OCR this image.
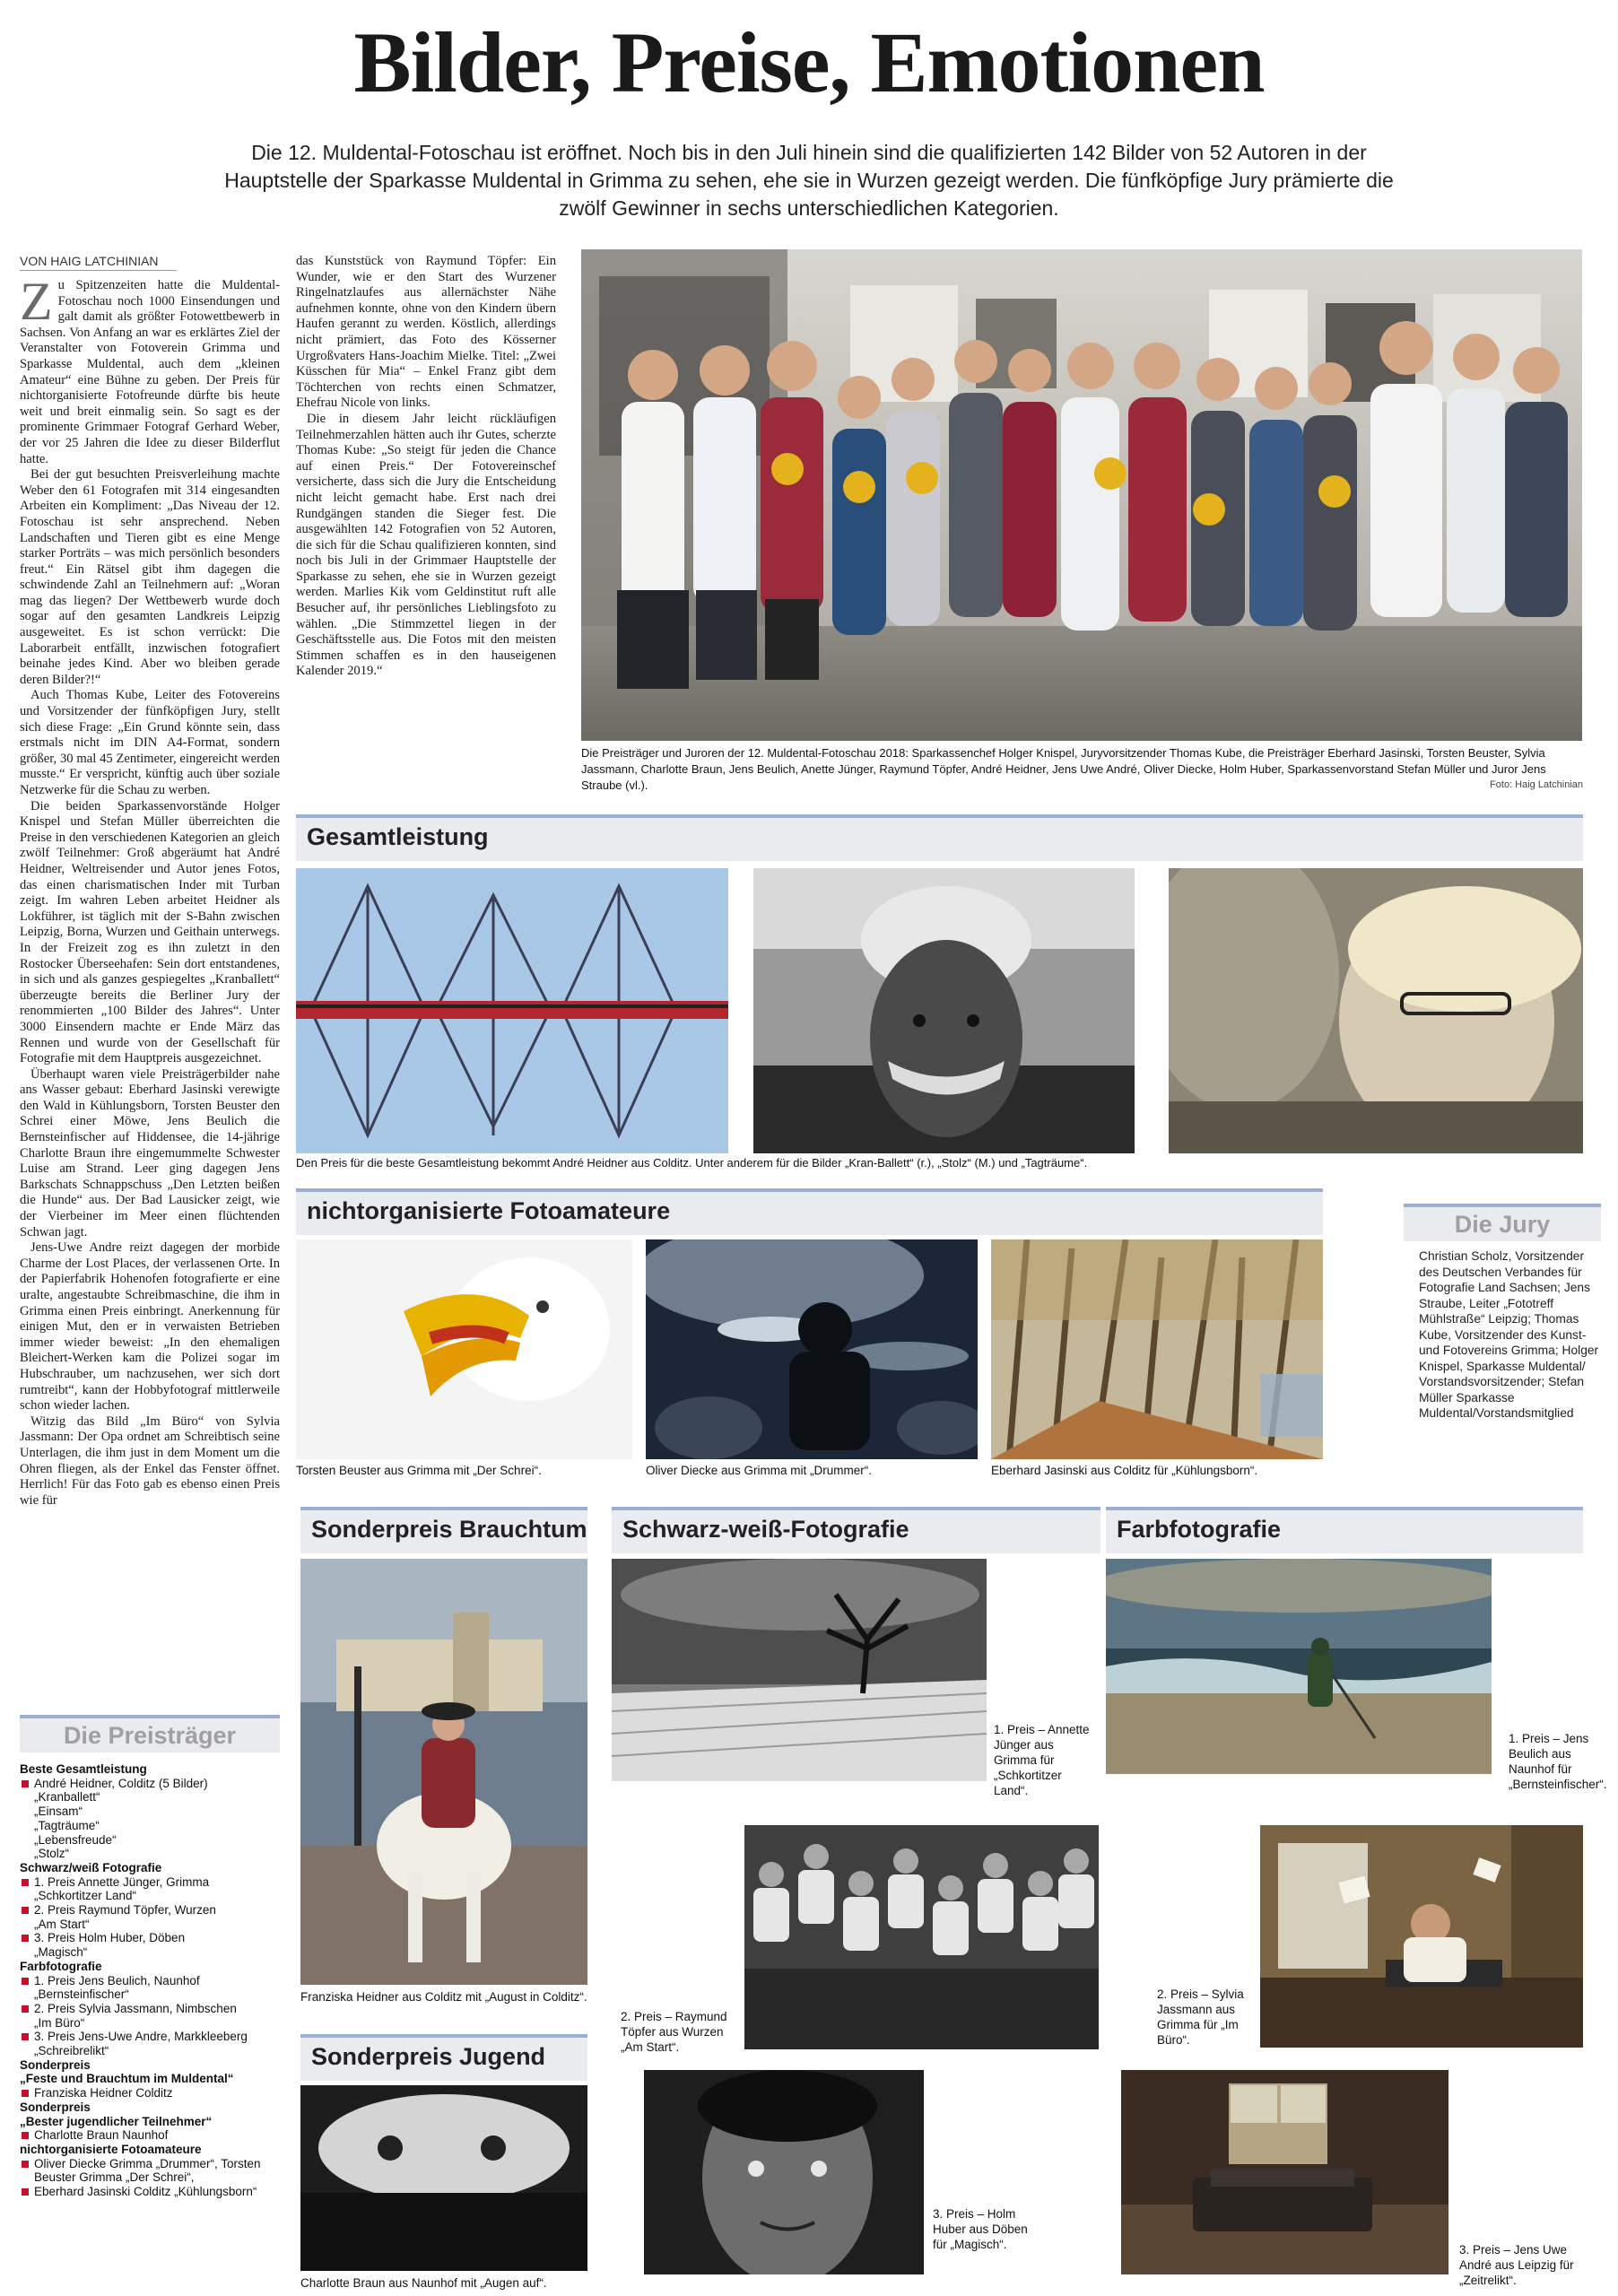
Bilder, Preise, Emotionen

Die 12. Muldental-Fotoschau ist eröffnet. Noch bis in den Juli hinein sind die qualifizierten 142 Bilder von 52 Autoren in der Hauptstelle der Sparkasse Muldental in Grimma zu sehen, ehe sie in Wurzen gezeigt werden. Die fünfköpfige Jury prämierte die zwölf Gewinner in sechs unterschiedlichen Kategorien.

VON HAIG LATCHINIAN

Zu Spitzenzeiten hatte die Muldental-Fotoschau noch 1000 Einsendungen und galt damit als größter Fotowettbewerb in Sachsen. Von Anfang an war es erklärtes Ziel der Veranstalter von Fotoverein Grimma und Sparkasse Muldental, auch dem „kleinen Amateur“ eine Bühne zu geben. Der Preis für nichtorganisierte Fotofreunde dürfte bis heute weit und breit einmalig sein. So sagt es der prominente Grimmaer Fotograf Gerhard Weber, der vor 25 Jahren die Idee zu dieser Bilderflut hatte.

Bei der gut besuchten Preisverleihung machte Weber den 61 Fotografen mit 314 eingesandten Arbeiten ein Kompliment: „Das Niveau der 12. Fotoschau ist sehr ansprechend. Neben Landschaften und Tieren gibt es eine Menge starker Porträts – was mich persönlich besonders freut.“ Ein Rätsel gibt ihm dagegen die schwindende Zahl an Teilnehmern auf: „Woran mag das liegen? Der Wettbewerb wurde doch sogar auf den gesamten Landkreis Leipzig ausgeweitet. Es ist schon verrückt: Die Laborarbeit entfällt, inzwischen fotografiert beinahe jedes Kind. Aber wo bleiben gerade deren Bilder?!“

Auch Thomas Kube, Leiter des Fotovereins und Vorsitzender der fünfköpfigen Jury, stellt sich diese Frage: „Ein Grund könnte sein, dass erstmals nicht im DIN A4-Format, sondern größer, 30 mal 45 Zentimeter, eingereicht werden musste.“ Er verspricht, künftig auch über soziale Netzwerke für die Schau zu werben.

Die beiden Sparkassenvorstände Holger Knispel und Stefan Müller überreichten die Preise in den verschiedenen Kategorien an gleich zwölf Teilnehmer: Groß abgeräumt hat André Heidner, Weltreisender und Autor jenes Fotos, das einen charismatischen Inder mit Turban zeigt. Im wahren Leben arbeitet Heidner als Lokführer, ist täglich mit der S-Bahn zwischen Leipzig, Borna, Wurzen und Geithain unterwegs. In der Freizeit zog es ihn zuletzt in den Rostocker Überseehafen: Sein dort entstandenes, in sich und als ganzes gespiegeltes „Kranballett“ überzeugte bereits die Berliner Jury der renommierten „100 Bilder des Jahres“. Unter 3000 Einsendern machte er Ende März das Rennen und wurde von der Gesellschaft für Fotografie mit dem Hauptpreis ausgezeichnet.

Überhaupt waren viele Preisträgerbilder nahe ans Wasser gebaut: Eberhard Jasinski verewigte den Wald in Kühlungsborn, Torsten Beuster den Schrei einer Möwe, Jens Beulich die Bernsteinfischer auf Hiddensee, die 14-jährige Charlotte Braun ihre eingemummelte Schwester Luise am Strand. Leer ging dagegen Jens Barkschats Schnappschuss „Den Letzten beißen die Hunde“ aus. Der Bad Lausicker zeigt, wie der Vierbeiner im Meer einen flüchtenden Schwan jagt.

Jens-Uwe Andre reizt dagegen der morbide Charme der Lost Places, der verlassenen Orte. In der Papierfabrik Hohenofen fotografierte er eine uralte, angestaubte Schreibmaschine, die ihm in Grimma einen Preis einbringt. Anerkennung für einigen Mut, den er in verwaisten Betrieben immer wieder beweist: „In den ehemaligen Bleichert-Werken kam die Polizei sogar im Hubschrauber, um nachzusehen, wer sich dort rumtreibt“, kann der Hobbyfotograf mittlerweile schon wieder lachen.

Witzig das Bild „Im Büro“ von Sylvia Jassmann: Der Opa ordnet am Schreibtisch seine Unterlagen, die ihm just in dem Moment um die Ohren fliegen, als der Enkel das Fenster öffnet. Herrlich! Für das Foto gab es ebenso einen Preis wie für

das Kunststück von Raymund Töpfer: Ein Wunder, wie er den Start des Wurzener Ringelnatzlaufes aus allernächster Nähe aufnehmen konnte, ohne von den Kindern übern Haufen gerannt zu werden. Köstlich, allerdings nicht prämiert, das Foto des Kösserner Urgroßvaters Hans-Joachim Mielke. Titel: „Zwei Küsschen für Mia“ – Enkel Franz gibt dem Töchterchen von rechts einen Schmatzer, Ehefrau Nicole von links.

Die in diesem Jahr leicht rückläufigen Teilnehmerzahlen hätten auch ihr Gutes, scherzte Thomas Kube: „So steigt für jeden die Chance auf einen Preis.“ Der Fotovereinschef versicherte, dass sich die Jury die Entscheidung nicht leicht gemacht habe. Erst nach drei Rundgängen standen die Sieger fest. Die ausgewählten 142 Fotografien von 52 Autoren, die sich für die Schau qualifizieren konnten, sind noch bis Juli in der Grimmaer Hauptstelle der Sparkasse zu sehen, ehe sie in Wurzen gezeigt werden. Marlies Kik vom Geldinstitut ruft alle Besucher auf, ihr persönliches Lieblingsfoto zu wählen. „Die Stimmzettel liegen in der Geschäftsstelle aus. Die Fotos mit den meisten Stimmen schaffen es in den hauseigenen Kalender 2019.“

Die Preisträger und Juroren der 12. Muldental-Fotoschau 2018: Sparkassenchef Holger Knispel, Juryvorsitzender Thomas Kube, die Preisträger Eberhard Jasinski, Torsten Beuster, Sylvia Jassmann, Charlotte Braun, Jens Beulich, Anette Jünger, Raymund Töpfer, André Heidner, Jens Uwe André, Oliver Diecke, Holm Huber, Sparkassenvorstand Stefan Müller und Juror Jens Straube (vl.).	Foto: Haig Latchinian
Gesamtleistung
Den Preis für die beste Gesamtleistung bekommt André Heidner aus Colditz. Unter anderem für die Bilder „Kran-Ballett“ (r.), „Stolz“ (M.) und „Tagträume“.
nichtorganisierte Fotoamateure
Torsten Beuster aus Grimma mit „Der Schrei“.	Oliver Diecke aus Grimma mit „Drummer“.	Eberhard Jasinski aus Colditz für „Kühlungsborn“.
Die Jury
Christian Scholz, Vorsitzender des Deutschen Verbandes für Fotografie Land Sachsen; Jens Straube, Leiter „Fototreff Mühlstraße“ Leipzig; Thomas Kube, Vorsitzender des Kunst- und Fotovereins Grimma; Holger Knispel, Sparkasse Muldental/ Vorstandsvorsitzender; Stefan Müller Sparkasse Muldental/Vorstandsmitglied
Sonderpreis Brauchtum
Franziska Heidner aus Colditz mit „August in Colditz“.
Sonderpreis Jugend
Charlotte Braun aus Naunhof mit „Augen auf“.
Schwarz-weiß-Fotografie
1. Preis – Annette Jünger aus Grimma für „Schkortitzer Land“.
2. Preis – Raymund Töpfer aus Wurzen „Am Start“.
3. Preis – Holm Huber aus Döben für „Magisch“.
Farbfotografie
1. Preis – Jens Beulich aus Naunhof für „Bernsteinfischer“.
2. Preis – Sylvia Jassmann aus Grimma für „Im Büro“.
3. Preis – Jens Uwe André aus Leipzig für „Zeitrelikt“.
Die Preisträger
Beste Gesamtleistung
André Heidner, Colditz (5 Bilder)
„Kranballett“
„Einsam“
„Tagträume“
„Lebensfreude“
„Stolz“
Schwarz/weiß Fotografie
1. Preis Annette Jünger, Grimma
„Schkortitzer Land“
2. Preis Raymund Töpfer, Wurzen
„Am Start“
3. Preis Holm Huber, Döben
„Magisch“
Farbfotografie
1. Preis Jens Beulich, Naunhof
„Bernsteinfischer“
2. Preis Sylvia Jassmann, Nimbschen
„Im Büro“
3. Preis Jens-Uwe Andre, Markkleeberg
„Schreibrelikt“
Sonderpreis
„Feste und Brauchtum im Muldental“
Franziska Heidner Colditz
Sonderpreis
„Bester jugendlicher Teilnehmer“
Charlotte Braun Naunhof
nichtorganisierte Fotoamateure
Oliver Diecke Grimma „Drummer“, Torsten Beuster Grimma „Der Schrei“,
Eberhard Jasinski Colditz „Kühlungsborn“
